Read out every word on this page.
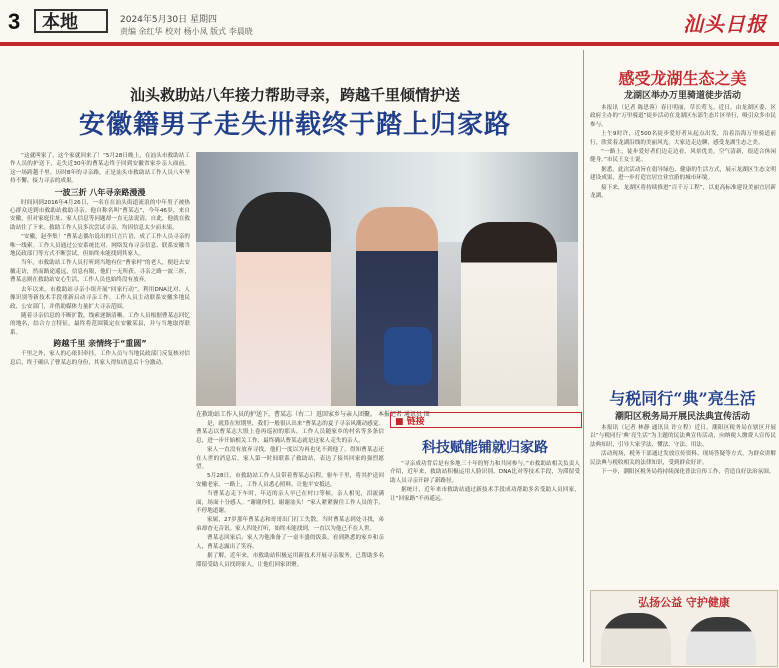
3	本地	2024年5月30日 星期四
责编 余红华 校对 杨小凤 版式 李晨晓	汕头日报
汕头救助站八年接力帮助寻亲，跨越千里倾情护送
安徽籍男子走失卅载终于踏上归家路

“这就叫家了，这个家就回来了！”5月28日晚上，在汕头市救助站工作人员的护送下，走失近30年的曹某志终于回到安徽省家乡亲人面前。这一场跨越千里、历时8年的寻亲路，正是汕头市救助站工作人员八年坚持不懈、接力寻亲的成果。

一波三折 八年寻亲路漫漫

时间回到2016年4月26日，一名在在汕头街道流浪的中年男子被热心群众送到市救助站救助寻亲。他自称名叫“曹某志”，今年46岁，来自安徽，但对家庭住址、家人信息等问题却一直无法说清，自此，他就在救助站住了下来。救助工作人员多次尝试寻亲，均因信息太少而未果。

“安徽，赵李集！”曹某志偶尔说出的只言片语，成了工作人员寻亲的唯一线索。工作人员通过公安系统比对、网络发布寻亲信息、联系安徽当地民政部门等方式不断尝试，但始终未能找到其家人。

当年，市救助站工作人员打听到当地有位“曹家村”的老人，便赶去安徽走访，然而路途遥远，信息有限，他们一无所获。寻亲之路一波三折，曹某志则在救助站安心生活，工作人员也始终没有放弃。

去年以来，市救助站寻亲小组开展“回家行动”，利用DNA比对、人像识别等新技术手段重新启动寻亲工作。工作人员主动联系安徽多地民政、公安部门，并借助媒体力量扩大寻亲范围。

随着寻亲信息的不断扩散，线索逐渐清晰。工作人员根据曹某志回忆的地名，结合方言特征，最终将范围锁定在安徽某县，并与当地取得联系。

跨越千里 亲情终于“重圆”

千里之外，家人的心依旧牵挂。工作人员与当地民政部门反复核对信息后，终于确认了曹某志的身份，其家人得知消息后十分激动。

在救助站工作人员的护送下，曹某志（右二）返回家乡与亲人团聚。 本报记者 通讯员 图

是，就算在短期里，我们一般很认出来“曹某志的夏子寻亲风潮动感觉。曹某志以曹某志大股上卷再巡初的那头，工作人员随家乡的村名等多条信息，进一步开始相关工作，最终确认曹某志就是这家人走失的亲人。

家人一直没有放弃寻找，他们一度以为再也见不到他了。得知曹某志还在人世的消息后，家人第一时间联系了救助站，表达了接其回家的强烈愿望。

5月28日，市救助站工作人员带着曹某志启程，驱车千里，将其护送回安徽老家。一路上，工作人员悉心照料，让他平安抵达。

当曹某志走下车时，年迈的亲人早已在村口等候。亲人相见，泪流满面，场面十分感人。“谢谢你们，谢谢汕头！”家人紧紧握住工作人员的手，不停地道谢。

家属，27岁那年曹某志和哥哥出门打工失散，当时曹某志到处寻找，弟弟却杳无音讯。家人四处打听，始终未能找到，一直以为他已不在人世。

曹某志回家后，家人为他准备了一桌丰盛的饭菜。看到熟悉的家乡和亲人，曹某志露出了笑容。

据了解，近年来，市救助站积极运用新技术开展寻亲服务，已帮助多名滞留受助人员找到家人，让他们回家团聚。

■ 链接
科技赋能铺就归家路

“寻亲成功背后是有多地三十年的努力和共同参与。”市救助站相关负责人介绍，近年来，救助站积极运用人脸识别、DNA比对等技术手段，为滞留受助人员寻亲开辟了新路径。

据统计，近年来市救助站通过新技术手段成功帮助多名受助人员回家，让“回家路”不再遥远。

感受龙湖生态之美
龙湖区举办万里骑道徒步活动

本报讯（记者 陈思蓉）春日明丽，草长莺飞。近日，由龙湖区委、区政府主办的“万里骑道”徒步活动在龙湖区东部生态片区举行，吸引众多市民参与。

上午9时许，近500名徒步爱好者从起点出发，沿着沿海万里骑道前行，欣赏着龙湖沿线的美丽风光。大家边走边聊，感受龙湖生态之美。

“一路上，徒步爱好者们边走边看，风景优美，空气清新，很适合休闲健身。”市民王女士说。

据悉，此次活动旨在倡导绿色、健康的生活方式，展示龙湖区生态文明建设成果，进一步打造宜居宜业宜游的城市环境。

接下来，龙湖区将持续推进“百千万工程”，以更高标准建设美丽宜居新龙湖。

与税同行“典”亮生活
潮阳区税务局开展民法典宣传活动

本报讯（记者 林静 通讯员 许立程）近日，潮阳区税务局在辖区开展以“与税同行‘典’亮生活”为主题的民法典宣传活动，向纳税人缴费人宣传民法典知识，引导大家学法、懂法、守法、用法。

活动现场，税务干部通过发放宣传资料、现场答疑等方式，为群众讲解民法典与税收相关的法律知识，受到群众好评。

下一步，潮阳区税务局将持续深化普法宣传工作，营造良好法治氛围。

弘扬公益 守护健康
